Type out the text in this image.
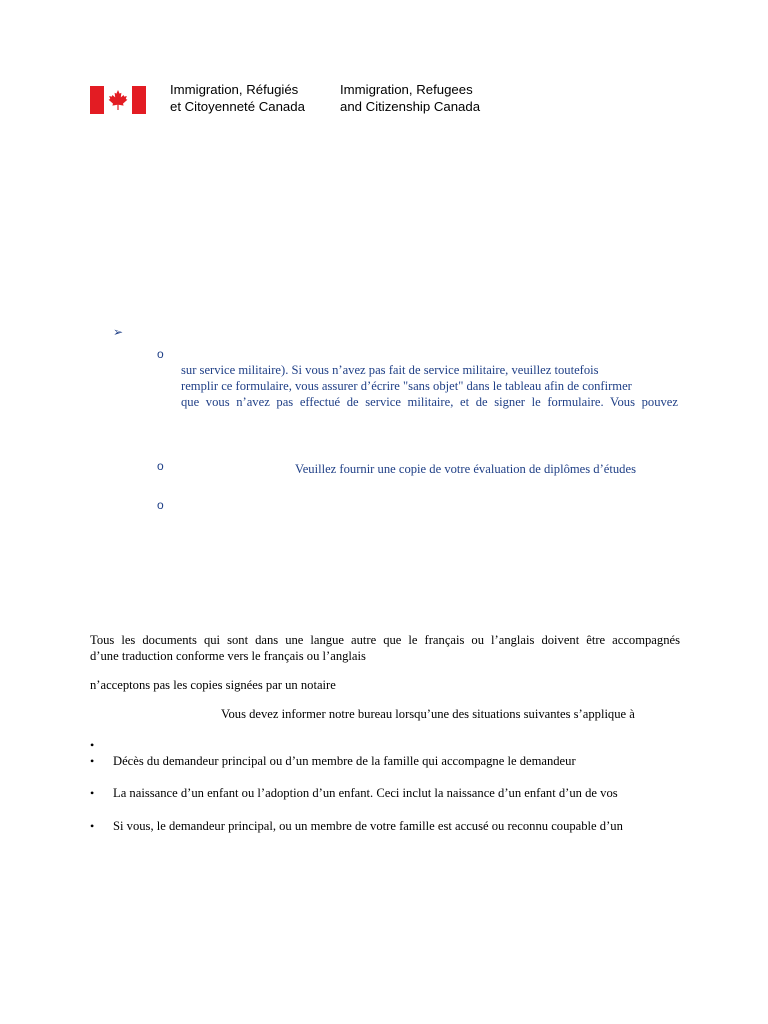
Immigration, Réfugiés
et Citoyenneté Canada
Immigration, Refugees
and Citizenship Canada
➢
o
sur service militaire). Si vous n’avez pas fait de service militaire, veuillez toutefois
remplir ce formulaire, vous assurer d’écrire "sans objet" dans le tableau afin de confirmer
que vous n’avez pas effectué de service militaire, et de signer le formulaire. Vous pouvez
o	Veuillez fournir une copie de votre évaluation de diplômes d’études
o
Tous les documents qui sont dans une langue autre que le français ou l’anglais doivent être accompagnés
d’une traduction conforme vers le français ou l’anglais
n’acceptons pas les copies signées par un notaire
Vous devez informer notre bureau lorsqu’une des situations suivantes s’applique à
•
• Décès du demandeur principal ou d’un membre de la famille qui accompagne le demandeur
• La naissance d’un enfant ou l’adoption d’un enfant. Ceci inclut la naissance d’un enfant d’un de vos
• Si vous, le demandeur principal, ou un membre de votre famille est accusé ou reconnu coupable d’un
